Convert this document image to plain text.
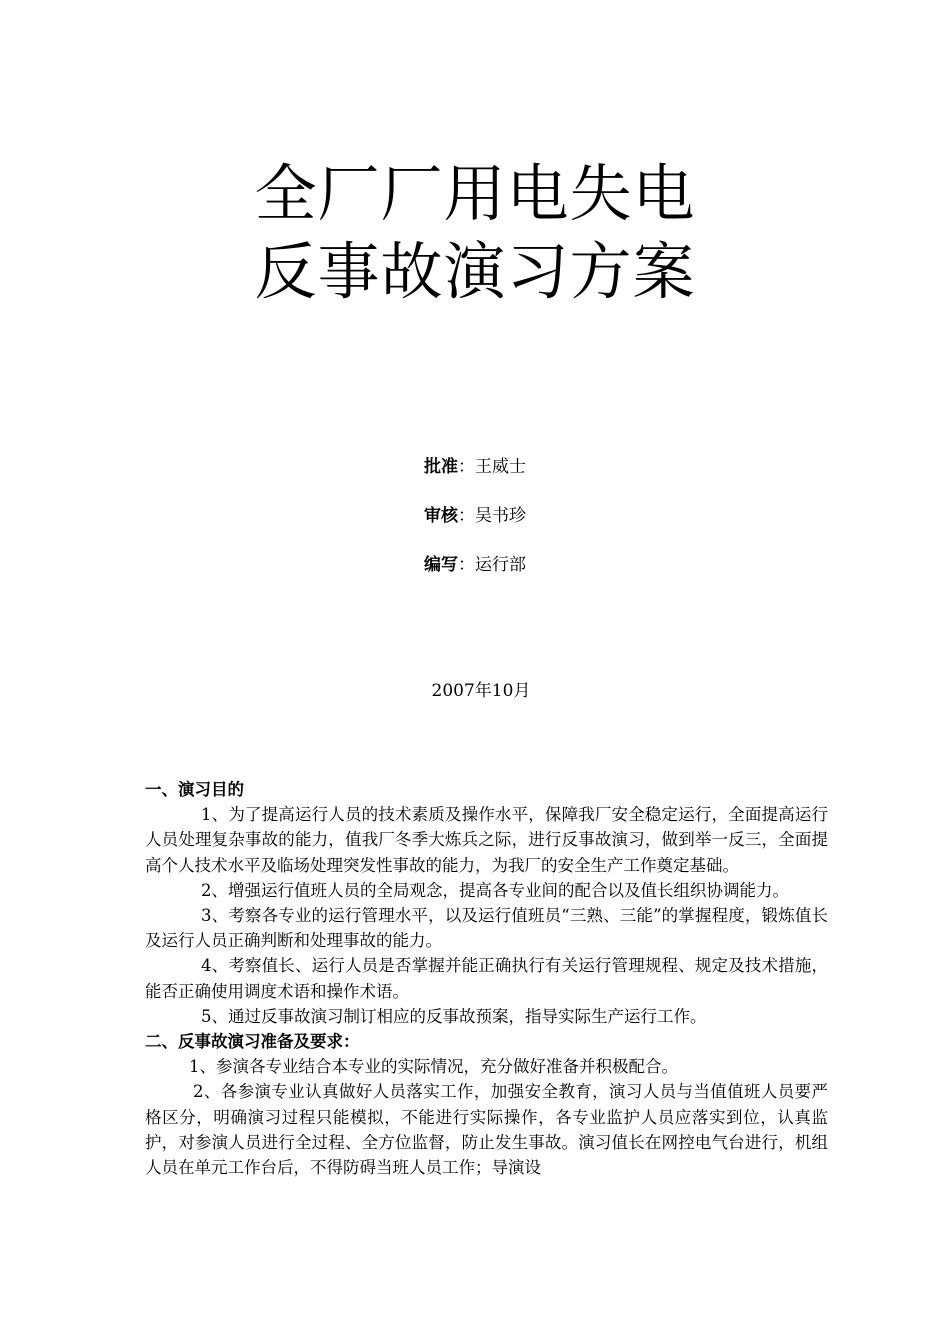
全厂厂用电失电
反事故演习方案
批准：王威士
审核：吴书珍
编写：运行部
2007年10月

一、演习目的

1、为了提高运行人员的技术素质及操作水平，保障我厂安全稳定运行，全面提高运行人员处理复杂事故的能力，值我厂冬季大炼兵之际，进行反事故演习，做到举一反三，全面提高个人技术水平及临场处理突发性事故的能力，为我厂的安全生产工作奠定基础。

2、增强运行值班人员的全局观念，提高各专业间的配合以及值长组织协调能力。

3、考察各专业的运行管理水平，以及运行值班员“三熟、三能”的掌握程度，锻炼值长及运行人员正确判断和处理事故的能力。

4、考察值长、运行人员是否掌握并能正确执行有关运行管理规程、规定及技术措施，能否正确使用调度术语和操作术语。

5、通过反事故演习制订相应的反事故预案，指导实际生产运行工作。

二、反事故演习准备及要求：

1、参演各专业结合本专业的实际情况，充分做好准备并积极配合。

2、各参演专业认真做好人员落实工作，加强安全教育，演习人员与当值值班人员要严格区分，明确演习过程只能模拟，不能进行实际操作，各专业监护人员应落实到位，认真监护，对参演人员进行全过程、全方位监督，防止发生事故。演习值长在网控电气台进行，机组人员在单元工作台后，不得防碍当班人员工作；导演设
